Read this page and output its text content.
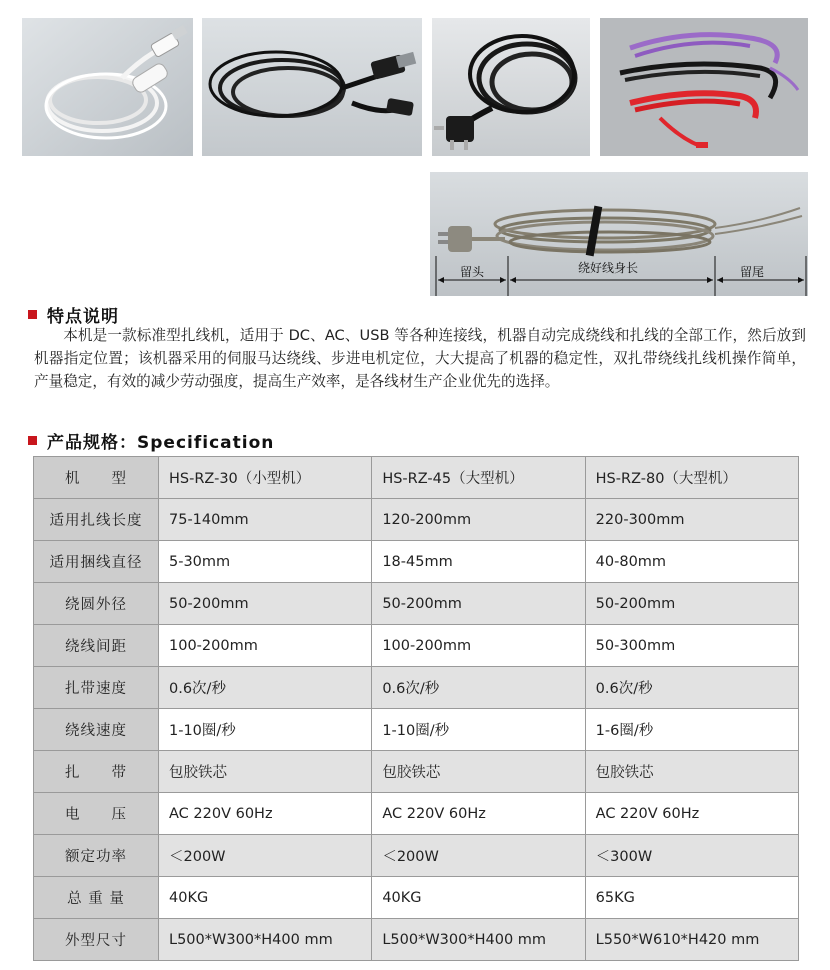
留头	绕好线身长	留尾
特点说明
本机是一款标准型扎线机，适用于 DC、AC、USB 等各种连接线，机器自动完成绕线和扎线的全部工作，然后放到机器指定位置；该机器采用的伺服马达绕线、步进电机定位，大大提高了机器的稳定性，双扎带绕线扎线机操作简单，产量稳定，有效的减少劳动强度，提高生产效率，是各线材生产企业优先的选择。
产品规格：Specification
机　　型	HS-RZ-30（小型机）	HS-RZ-45（大型机）	HS-RZ-80（大型机）
适用扎线长度	75-140mm	120-200mm	220-300mm
适用捆线直径	5-30mm	18-45mm	40-80mm
绕圆外径	50-200mm	50-200mm	50-200mm
绕线间距	100-200mm	100-200mm	50-300mm
扎带速度	0.6次/秒	0.6次/秒	0.6次/秒
绕线速度	1-10圈/秒	1-10圈/秒	1-6圈/秒
扎　　带	包胶铁芯	包胶铁芯	包胶铁芯
电　　压	AC 220V 60Hz	AC 220V 60Hz	AC 220V 60Hz
额定功率	＜200W	＜200W	＜300W
总 重 量	40KG	40KG	65KG
外型尺寸	L500*W300*H400 mm	L500*W300*H400 mm	L550*W610*H420 mm
